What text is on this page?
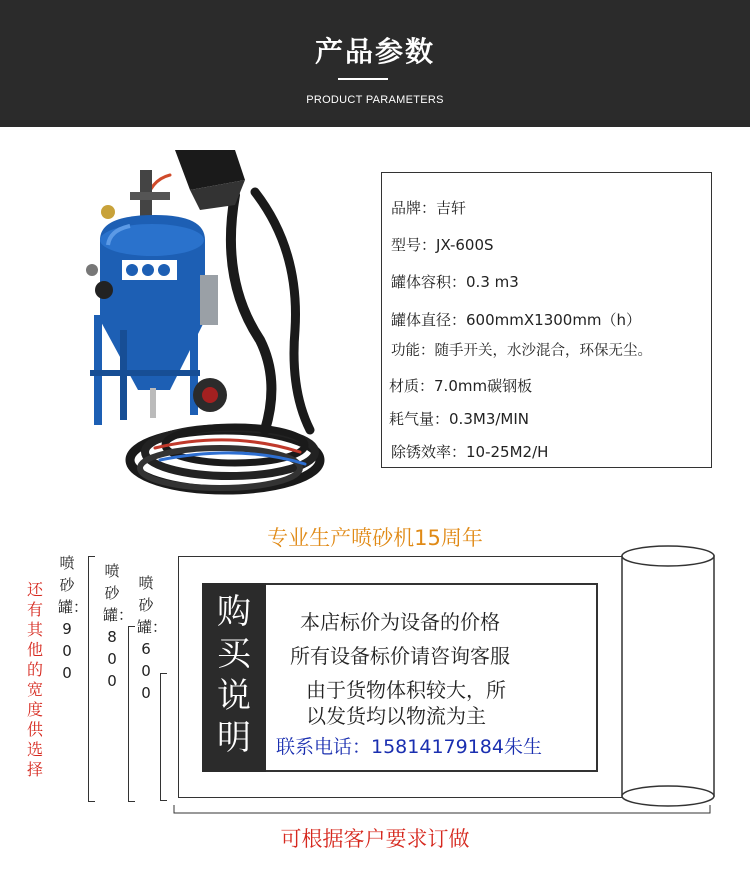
产品参数
PRODUCT PARAMETERS
品牌：吉轩
型号：JX-600S
罐体容积：0.3 m3
罐体直径：600mmX1300mm（h）
功能：随手开关，水沙混合，环保无尘。
材质：7.0mm碳钢板
耗气量：0.3M3/MIN
除锈效率：10-25M2/H
专业生产喷砂机15周年
还有其他的宽度供选择
喷砂罐：900
喷砂罐：800
喷砂罐：600
购买说明
本店标价为设备的价格
所有设备标价请咨询客服
由于货物体积较大，所
以发货均以物流为主
联系电话：15814179184朱生
可根据客户要求订做
